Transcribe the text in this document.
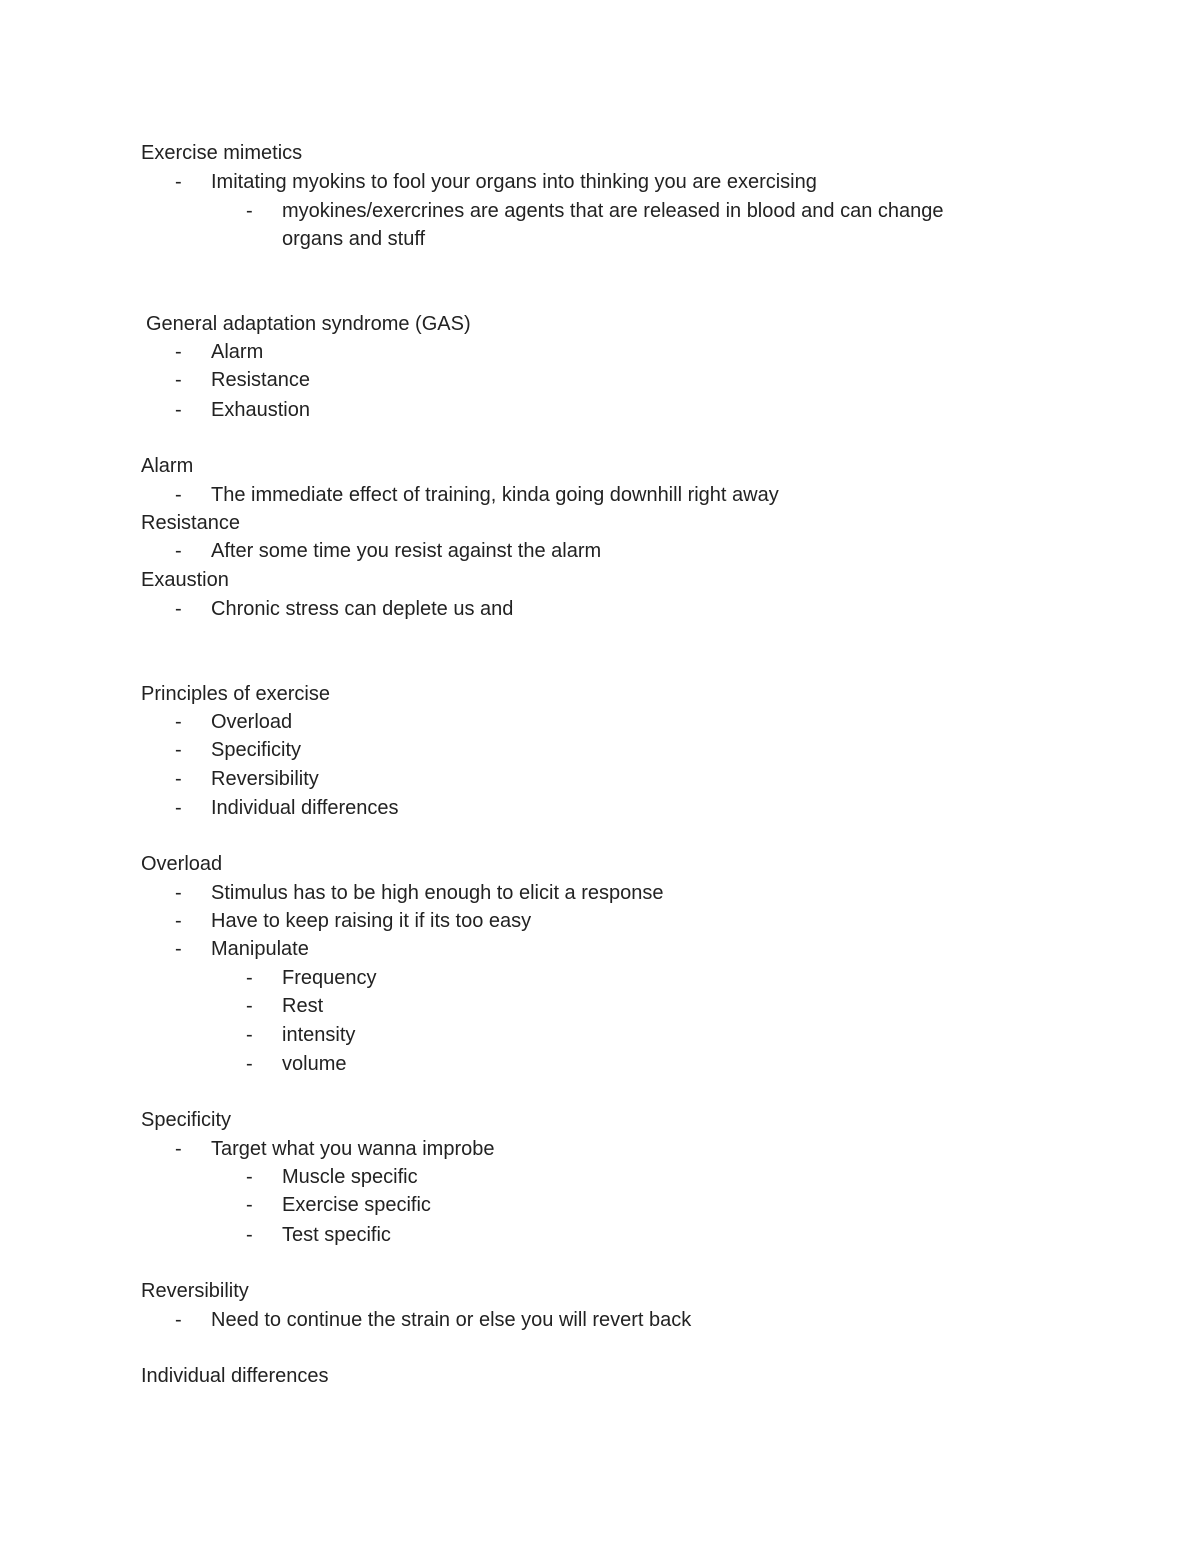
Exercise mimetics
- Imitating myokins to fool your organs into thinking you are exercising
- myokines/exercrines are agents that are released in blood and can change
organs and stuff
General adaptation syndrome (GAS)
- Alarm
- Resistance
- Exhaustion
Alarm
- The immediate effect of training, kinda going downhill right away
Resistance
- After some time you resist against the alarm
Exaustion
- Chronic stress can deplete us and
Principles of exercise
- Overload
- Specificity
- Reversibility
- Individual differences
Overload
- Stimulus has to be high enough to elicit a response
- Have to keep raising it if its too easy
- Manipulate
- Frequency
- Rest
- intensity
- volume
Specificity
- Target what you wanna improbe
- Muscle specific
- Exercise specific
- Test specific
Reversibility
- Need to continue the strain or else you will revert back
Individual differences
